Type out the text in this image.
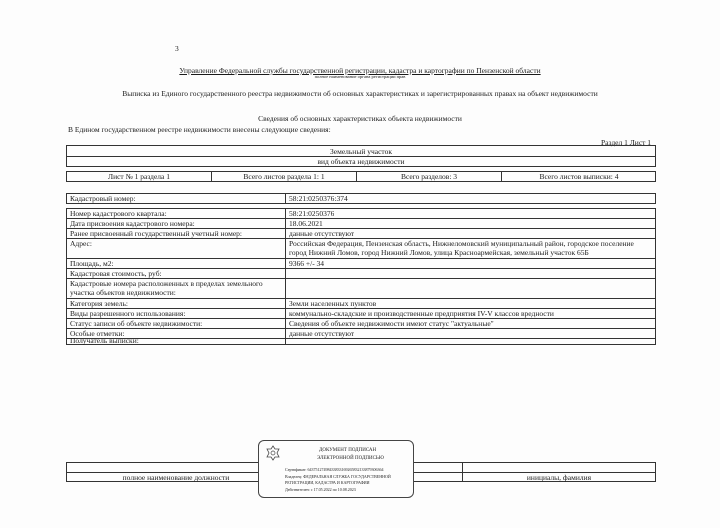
3
Управление Федеральной службы государственной регистрации, кадастра и картографии по Пензенской области
полное наименование органа регистрации прав
Выписка из Единого государственного реестра недвижимости об основных характеристиках и зарегистрированных правах на объект недвижимости
Сведения об основных характеристиках объекта недвижимости
В Едином государственном реестре недвижимости внесены следующие сведения:
Раздел 1 Лист 1
Земельный участок
вид объекта недвижимости
Лист № 1 раздела 1	Всего листов раздела 1: 1	Всего разделов: 3	Всего листов выписки: 4
Кадастровый номер:	58:21:0250376:374
Номер кадастрового квартала:	58:21:0250376
Дата присвоения кадастрового номера:	18.06.2021
Ранее присвоенный государственный учетный номер:	данные отсутствуют
Адрес:	Российская Федерация, Пензенская область, Нижнеломовский муниципальный район, городское поселение
город Нижний Ломов, город Нижний Ломов, улица Красноармейская, земельный участок 65Б
Площадь, м2:	9366 +/- 34
Кадастровая стоимость, руб:
Кадастровые номера расположенных в пределах земельного
участка объектов недвижимости:
Категория земель:	Земли населенных пунктов
Виды разрешенного использования:	коммунально-складские и производственные предприятия IV-V классов вредности
Статус записи об объекте недвижимости:	Сведения об объекте недвижимости имеют статус "актуальные"
Особые отметки:	данные отсутствуют
Получатель выписки:
полное наименование должности	инициалы, фамилия
ДОКУМЕНТ ПОДПИСАН
ЭЛЕКТРОННОЙ ПОДПИСЬЮ
Сертификат: 64375127498433833169265832133879306364
Владелец: ФЕДЕРАЛЬНАЯ СЛУЖБА ГОСУДАРСТВЕННОЙ
РЕГИСТРАЦИИ, КАДАСТРА И КАРТОГРАФИИ
Действителен: с 17.05.2022 по 10.08.2023
